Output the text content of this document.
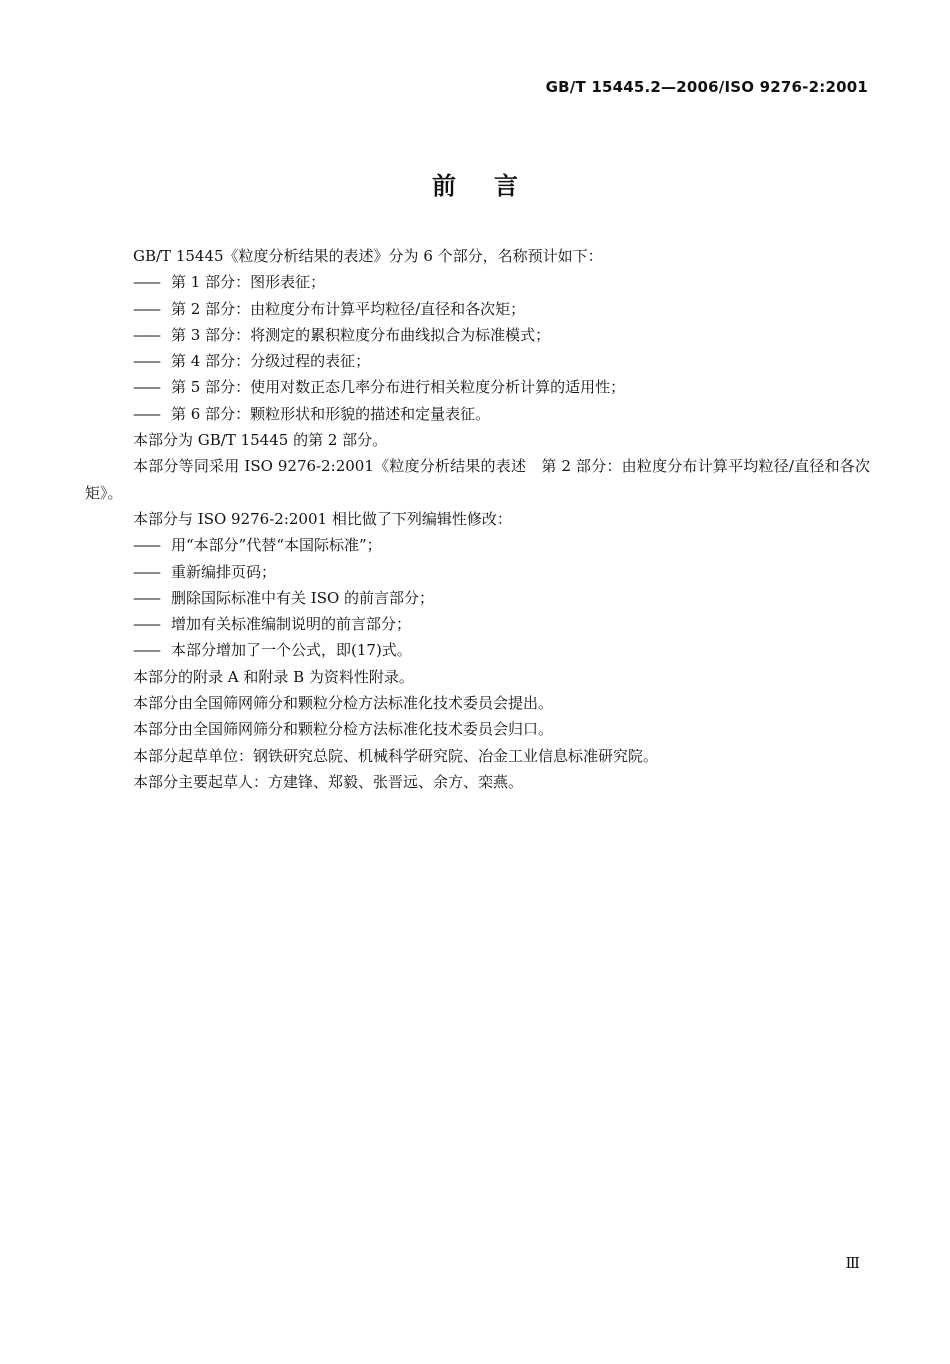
GB/T 15445.2—2006/ISO 9276-2:2001
前言

GB/T 15445《粒度分析结果的表述》分为 6 个部分，名称预计如下：

—— 第 1 部分：图形表征；

—— 第 2 部分：由粒度分布计算平均粒径/直径和各次矩；

—— 第 3 部分：将测定的累积粒度分布曲线拟合为标准模式；

—— 第 4 部分：分级过程的表征；

—— 第 5 部分：使用对数正态几率分布进行相关粒度分析计算的适用性；

—— 第 6 部分：颗粒形状和形貌的描述和定量表征。

本部分为 GB/T 15445 的第 2 部分。

本部分等同采用 ISO 9276-2:2001《粒度分析结果的表述　第 2 部分：由粒度分布计算平均粒径/直径和各次矩》。

本部分与 ISO 9276-2:2001 相比做了下列编辑性修改：

—— 用“本部分”代替“本国际标准”；

—— 重新编排页码；

—— 删除国际标准中有关 ISO 的前言部分；

—— 增加有关标准编制说明的前言部分；

—— 本部分增加了一个公式，即(17)式。

本部分的附录 A 和附录 B 为资料性附录。

本部分由全国筛网筛分和颗粒分检方法标准化技术委员会提出。

本部分由全国筛网筛分和颗粒分检方法标准化技术委员会归口。

本部分起草单位：钢铁研究总院、机械科学研究院、冶金工业信息标准研究院。

本部分主要起草人：方建锋、郑毅、张晋远、余方、栾燕。

Ⅲ
